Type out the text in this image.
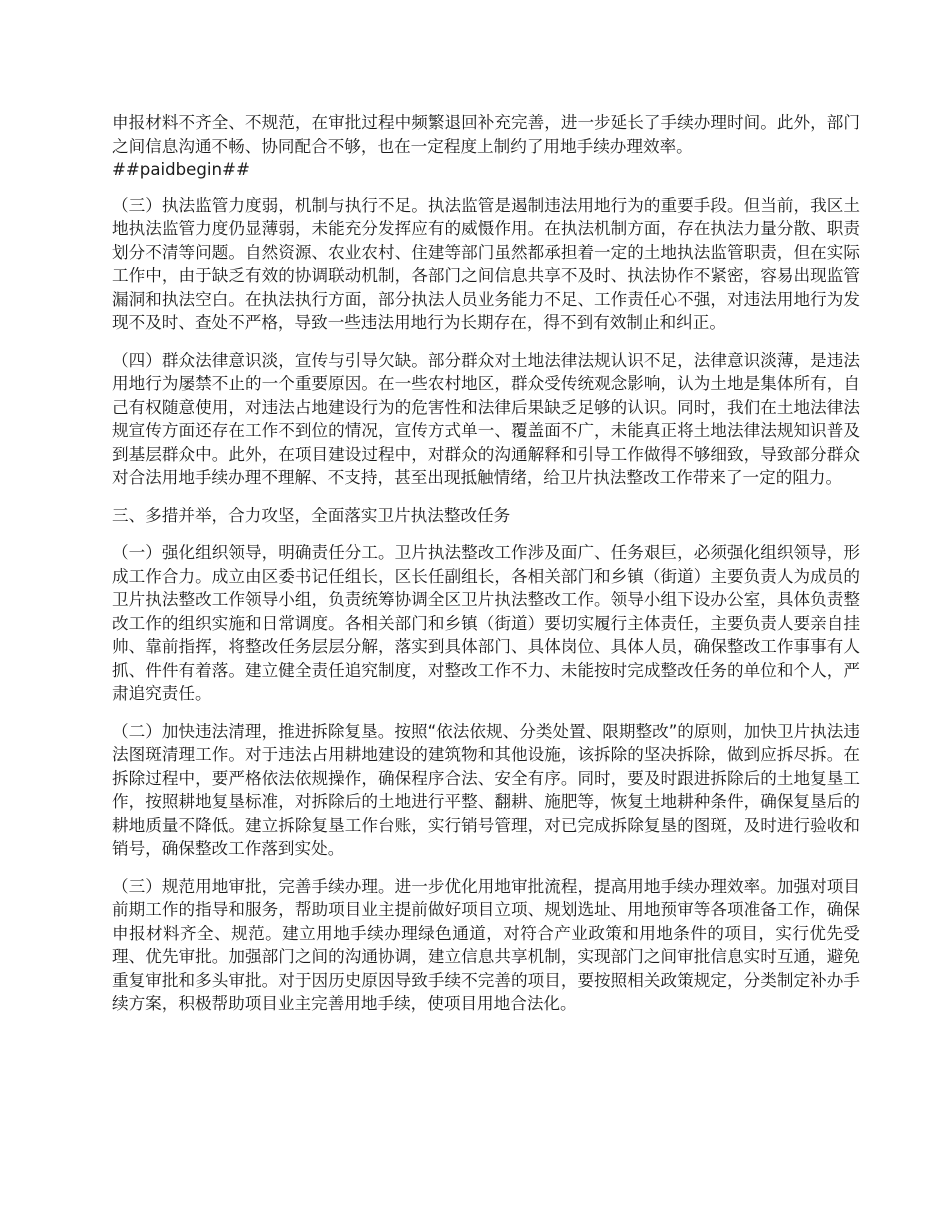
申报材料不齐全、不规范，在审批过程中频繁退回补充完善，进一步延长了手续办理时间。此外，部门之间信息沟通不畅、协同配合不够，也在一定程度上制约了用地手续办理效率。
##paidbegin##

（三）执法监管力度弱，机制与执行不足。执法监管是遏制违法用地行为的重要手段。但当前，我区土地执法监管力度仍显薄弱，未能充分发挥应有的威慑作用。在执法机制方面，存在执法力量分散、职责划分不清等问题。自然资源、农业农村、住建等部门虽然都承担着一定的土地执法监管职责，但在实际工作中，由于缺乏有效的协调联动机制，各部门之间信息共享不及时、执法协作不紧密，容易出现监管漏洞和执法空白。在执法执行方面，部分执法人员业务能力不足、工作责任心不强，对违法用地行为发现不及时、查处不严格，导致一些违法用地行为长期存在，得不到有效制止和纠正。

（四）群众法律意识淡，宣传与引导欠缺。部分群众对土地法律法规认识不足，法律意识淡薄，是违法用地行为屡禁不止的一个重要原因。在一些农村地区，群众受传统观念影响，认为土地是集体所有，自己有权随意使用，对违法占地建设行为的危害性和法律后果缺乏足够的认识。同时，我们在土地法律法规宣传方面还存在工作不到位的情况，宣传方式单一、覆盖面不广，未能真正将土地法律法规知识普及到基层群众中。此外，在项目建设过程中，对群众的沟通解释和引导工作做得不够细致，导致部分群众对合法用地手续办理不理解、不支持，甚至出现抵触情绪，给卫片执法整改工作带来了一定的阻力。

三、多措并举，合力攻坚，全面落实卫片执法整改任务

（一）强化组织领导，明确责任分工。卫片执法整改工作涉及面广、任务艰巨，必须强化组织领导，形成工作合力。成立由区委书记任组长，区长任副组长，各相关部门和乡镇（街道）主要负责人为成员的卫片执法整改工作领导小组，负责统筹协调全区卫片执法整改工作。领导小组下设办公室，具体负责整改工作的组织实施和日常调度。各相关部门和乡镇（街道）要切实履行主体责任，主要负责人要亲自挂帅、靠前指挥，将整改任务层层分解，落实到具体部门、具体岗位、具体人员，确保整改工作事事有人抓、件件有着落。建立健全责任追究制度，对整改工作不力、未能按时完成整改任务的单位和个人，严肃追究责任。

（二）加快违法清理，推进拆除复垦。按照“依法依规、分类处置、限期整改”的原则，加快卫片执法违法图斑清理工作。对于违法占用耕地建设的建筑物和其他设施，该拆除的坚决拆除，做到应拆尽拆。在拆除过程中，要严格依法依规操作，确保程序合法、安全有序。同时，要及时跟进拆除后的土地复垦工作，按照耕地复垦标准，对拆除后的土地进行平整、翻耕、施肥等，恢复土地耕种条件，确保复垦后的耕地质量不降低。建立拆除复垦工作台账，实行销号管理，对已完成拆除复垦的图斑，及时进行验收和销号，确保整改工作落到实处。

（三）规范用地审批，完善手续办理。进一步优化用地审批流程，提高用地手续办理效率。加强对项目前期工作的指导和服务，帮助项目业主提前做好项目立项、规划选址、用地预审等各项准备工作，确保申报材料齐全、规范。建立用地手续办理绿色通道，对符合产业政策和用地条件的项目，实行优先受理、优先审批。加强部门之间的沟通协调，建立信息共享机制，实现部门之间审批信息实时互通，避免重复审批和多头审批。对于因历史原因导致手续不完善的项目，要按照相关政策规定，分类制定补办手续方案，积极帮助项目业主完善用地手续，使项目用地合法化。
